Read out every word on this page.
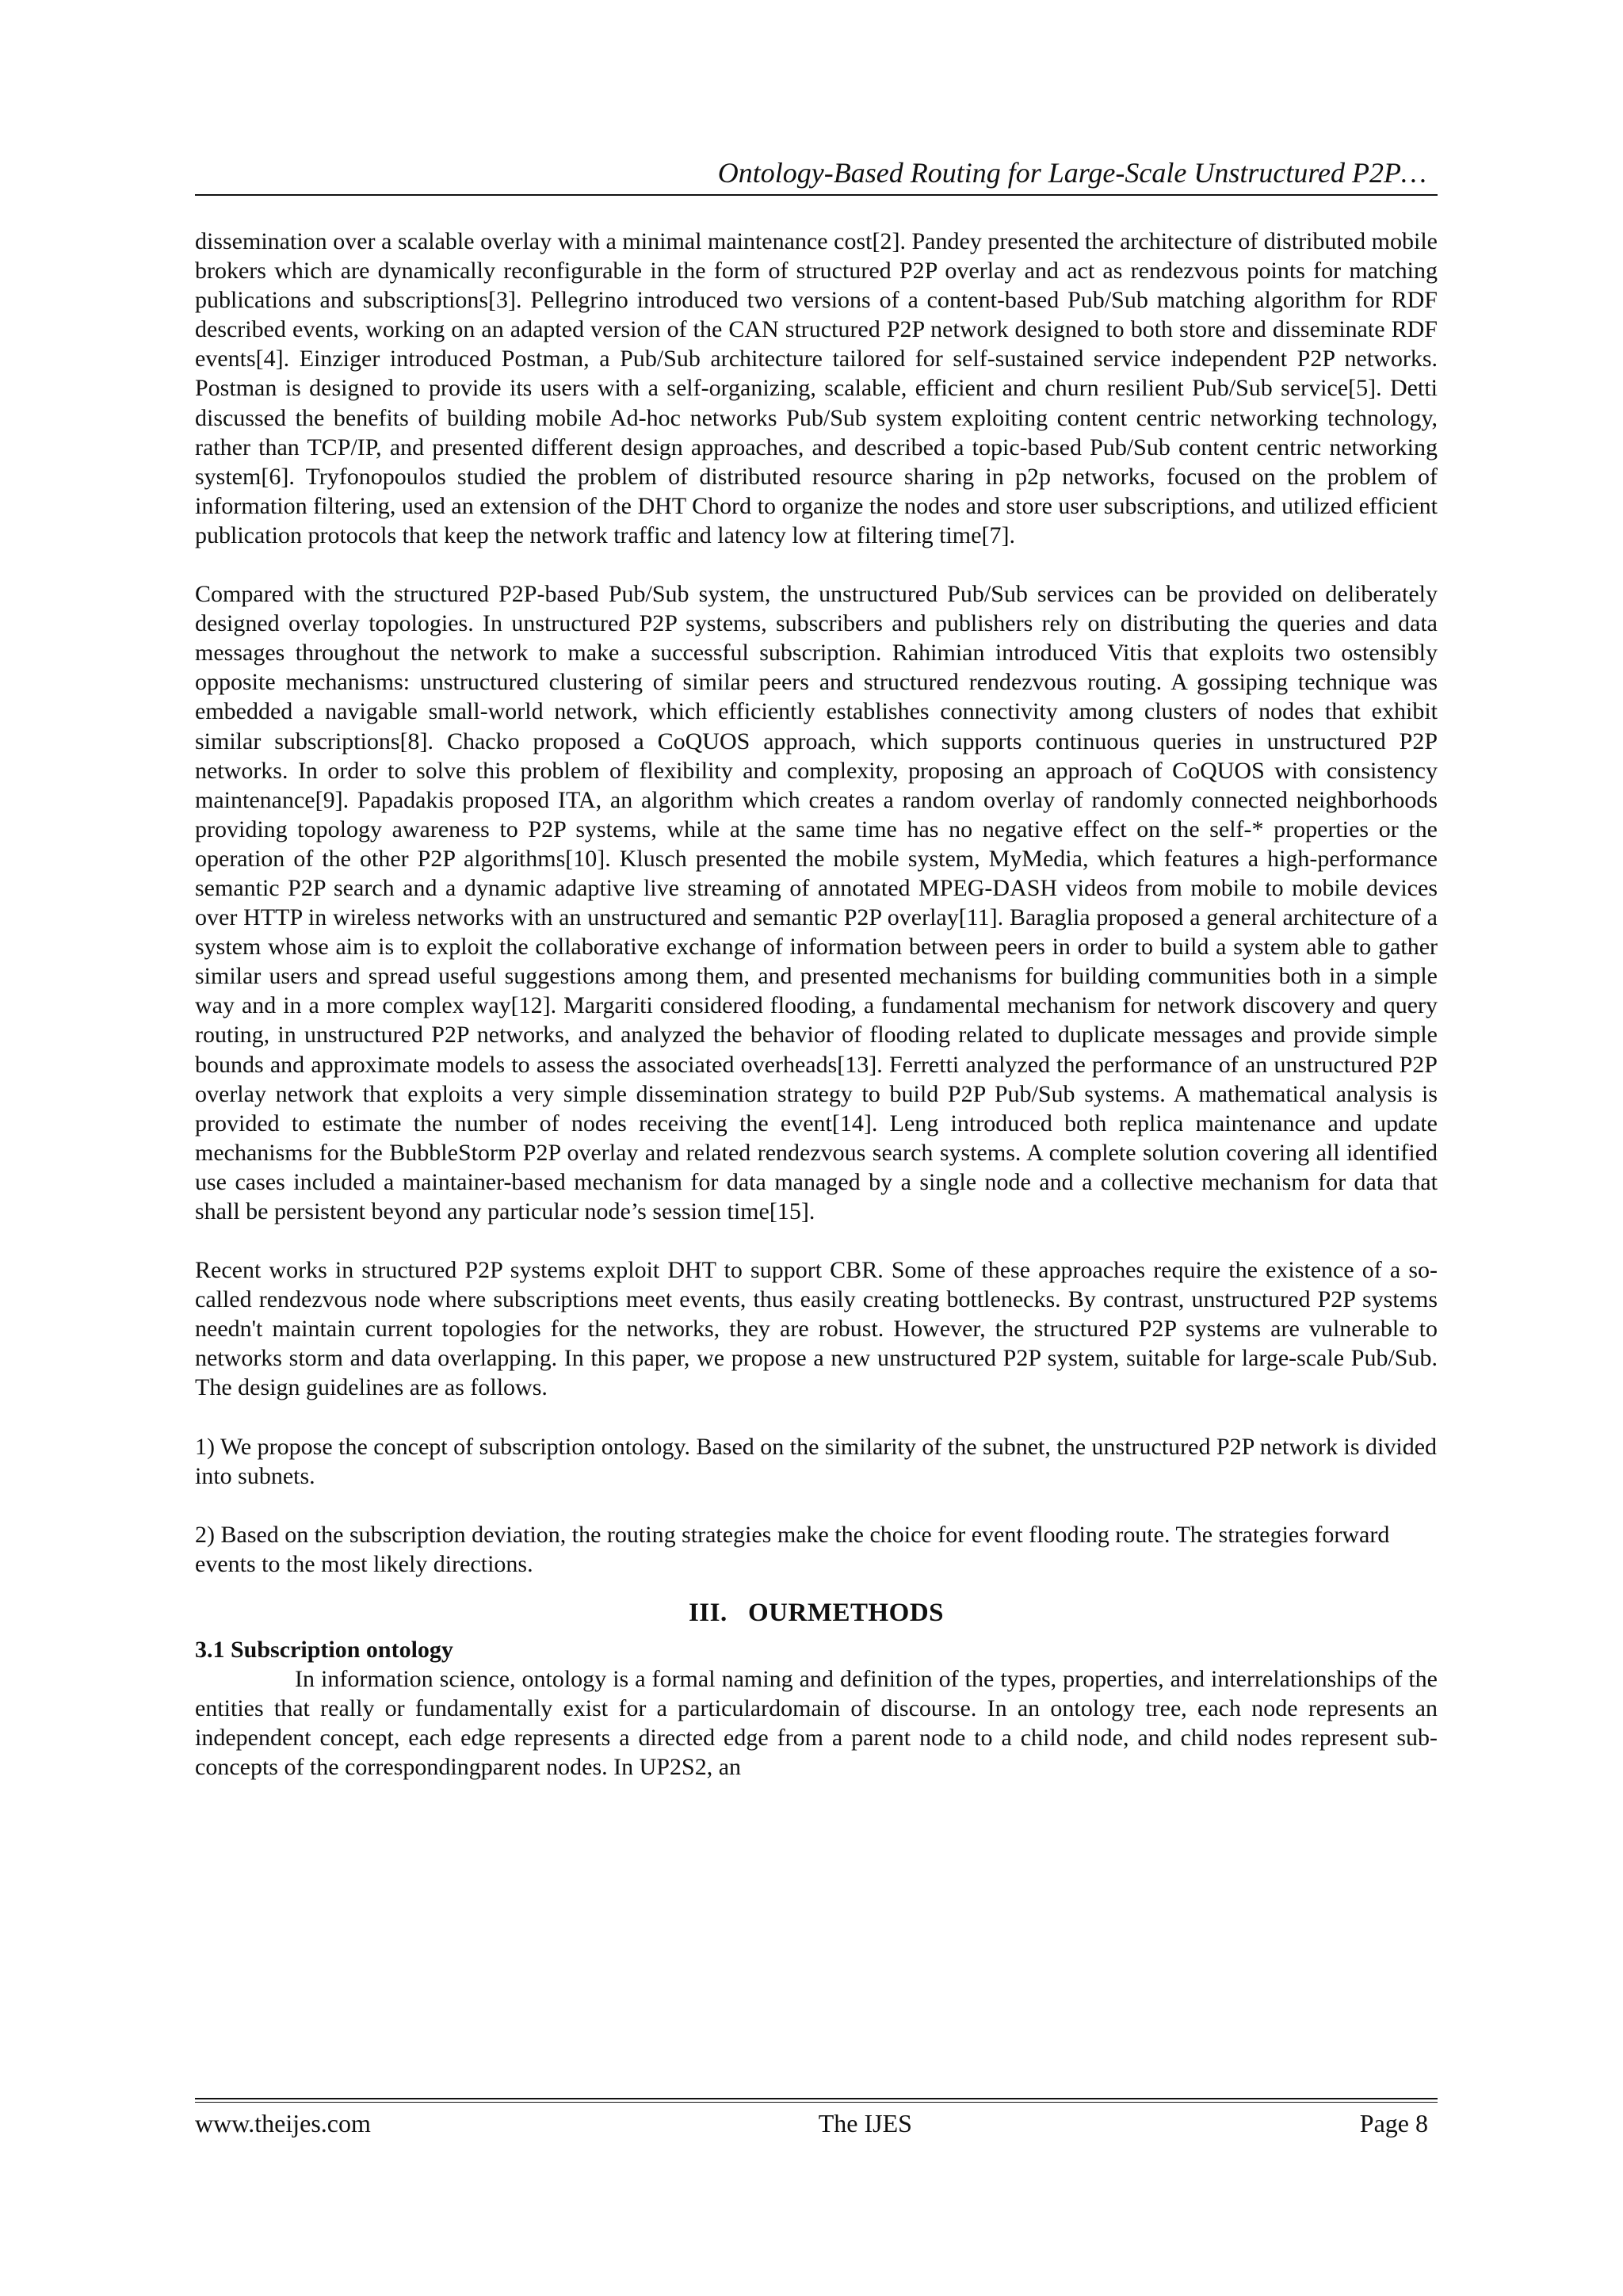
Ontology-Based Routing for Large-Scale Unstructured P2P…

dissemination over a scalable overlay with a minimal maintenance cost[2]. Pandey presented the architecture of distributed mobile brokers which are dynamically reconfigurable in the form of structured P2P overlay and act as rendezvous points for matching publications and subscriptions[3]. Pellegrino introduced two versions of a content-based Pub/Sub matching algorithm for RDF described events, working on an adapted version of the CAN structured P2P network designed to both store and disseminate RDF events[4]. Einziger introduced Postman, a Pub/Sub architecture tailored for self-sustained service independent P2P networks. Postman is designed to provide its users with a self-organizing, scalable, efficient and churn resilient Pub/Sub service[5]. Detti discussed the benefits of building mobile Ad-hoc networks Pub/Sub system exploiting content centric networking technology, rather than TCP/IP, and presented different design approaches, and described a topic-based Pub/Sub content centric networking system[6]. Tryfonopoulos studied the problem of distributed resource sharing in p2p networks, focused on the problem of information filtering, used an extension of the DHT Chord to organize the nodes and store user subscriptions, and utilized efficient publication protocols that keep the network traffic and latency low at filtering time[7].

Compared with the structured P2P-based Pub/Sub system, the unstructured Pub/Sub services can be provided on deliberately designed overlay topologies. In unstructured P2P systems, subscribers and publishers rely on distributing the queries and data messages throughout the network to make a successful subscription. Rahimian introduced Vitis that exploits two ostensibly opposite mechanisms: unstructured clustering of similar peers and structured rendezvous routing. A gossiping technique was embedded a navigable small-world network, which efficiently establishes connectivity among clusters of nodes that exhibit similar subscriptions[8]. Chacko proposed a CoQUOS approach, which supports continuous queries in unstructured P2P networks. In order to solve this problem of flexibility and complexity, proposing an approach of CoQUOS with consistency maintenance[9]. Papadakis proposed ITA, an algorithm which creates a random overlay of randomly connected neighborhoods providing topology awareness to P2P systems, while at the same time has no negative effect on the self-* properties or the operation of the other P2P algorithms[10]. Klusch presented the mobile system, MyMedia, which features a high-performance semantic P2P search and a dynamic adaptive live streaming of annotated MPEG-DASH videos from mobile to mobile devices over HTTP in wireless networks with an unstructured and semantic P2P overlay[11]. Baraglia proposed a general architecture of a system whose aim is to exploit the collaborative exchange of information between peers in order to build a system able to gather similar users and spread useful suggestions among them, and presented mechanisms for building communities both in a simple way and in a more complex way[12]. Margariti considered flooding, a fundamental mechanism for network discovery and query routing, in unstructured P2P networks, and analyzed the behavior of flooding related to duplicate messages and provide simple bounds and approximate models to assess the associated overheads[13]. Ferretti analyzed the performance of an unstructured P2P overlay network that exploits a very simple dissemination strategy to build P2P Pub/Sub systems. A mathematical analysis is provided to estimate the number of nodes receiving the event[14]. Leng introduced both replica maintenance and update mechanisms for the BubbleStorm P2P overlay and related rendezvous search systems. A complete solution covering all identified use cases included a maintainer-based mechanism for data managed by a single node and a collective mechanism for data that shall be persistent beyond any particular node’s session time[15].

Recent works in structured P2P systems exploit DHT to support CBR. Some of these approaches require the existence of a so-called rendezvous node where subscriptions meet events, thus easily creating bottlenecks. By contrast, unstructured P2P systems needn't maintain current topologies for the networks, they are robust. However, the structured P2P systems are vulnerable to networks storm and data overlapping. In this paper, we propose a new unstructured P2P system, suitable for large-scale Pub/Sub. The design guidelines are as follows.

1) We propose the concept of subscription ontology. Based on the similarity of the subnet, the unstructured P2P network is divided into subnets.

2) Based on the subscription deviation, the routing strategies make the choice for event flooding route. The strategies forward events to the most likely directions.

III.   OURMETHODS
3.1 Subscription ontology

In information science, ontology is a formal naming and definition of the types, properties, and interrelationships of the entities that really or fundamentally exist for a particulardomain of discourse. In an ontology tree, each node represents an independent concept, each edge represents a directed edge from a parent node to a child node, and child nodes represent sub-concepts of the correspondingparent nodes. In UP2S2, an

www.theijes.com	The IJES	Page 8
